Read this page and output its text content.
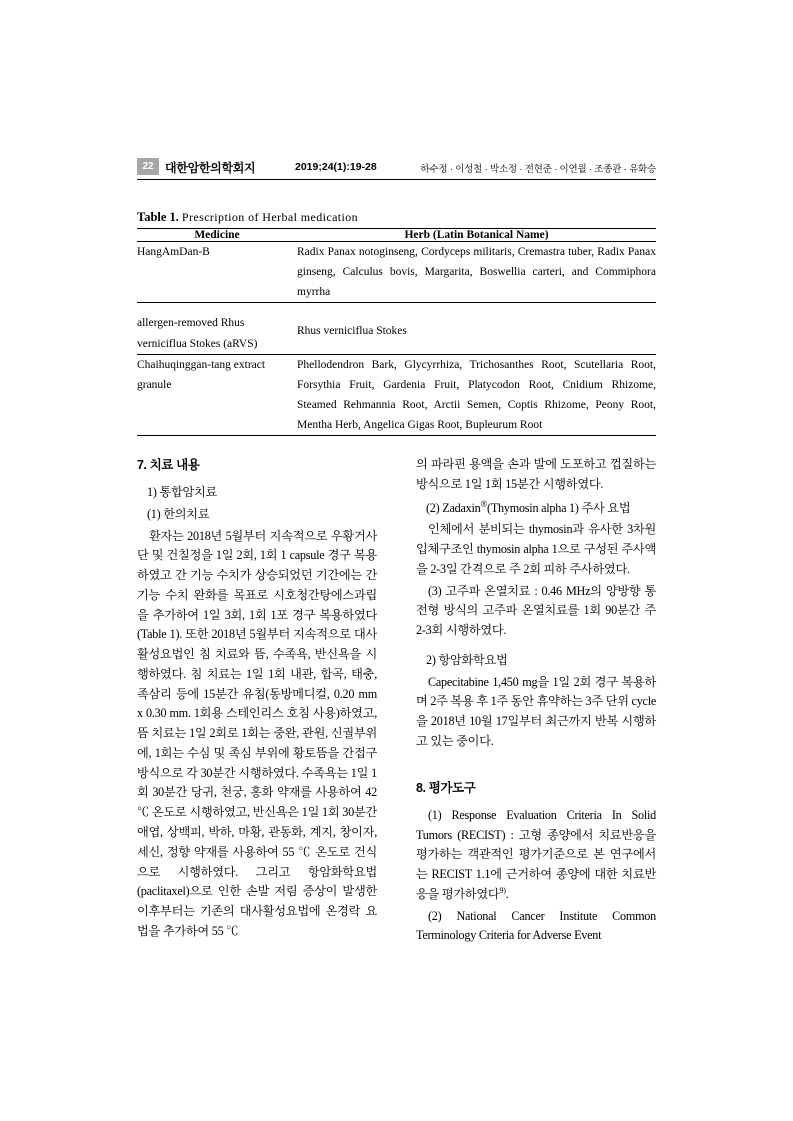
22 대한암한의학회지	2019;24(1):19-28	하수정 · 이성철 · 박소정 · 전현준 · 이연월 · 조종관 · 유화승
Table 1. Prescription of Herbal medication
Medicine	Herb (Latin Botanical Name)
HangAmDan-B	Radix Panax notoginseng, Cordyceps militaris, Cremastra tuber, Radix Panax ginseng, Calculus bovis, Margarita, Boswellia carteri, and Commiphora myrrha
allergen-removed Rhus verniciflua Stokes (aRVS)	Rhus verniciflua Stokes
Chaihuqinggan-tang extract granule	Phellodendron Bark, Glycyrrhiza, Trichosanthes Root, Scutellaria Root, Forsythia Fruit, Gardenia Fruit, Platycodon Root, Cnidium Rhizome, Steamed Rehmannia Root, Arctii Semen, Coptis Rhizome, Peony Root, Mentha Herb, Angelica Gigas Root, Bupleurum Root
7. 치료 내용

1) 통합암치료

(1) 한의치료

환자는 2018년 5월부터 지속적으로 우황거사단 및 건칠정을 1일 2회, 1회 1 capsule 경구 복용하였고 간 기능 수치가 상승되었던 기간에는 간 기능 수치 완화를 목표로 시호청간탕에스과립을 추가하여 1일 3회, 1회 1포 경구 복용하였다(Table 1). 또한 2018년 5월부터 지속적으로 대사활성요법인 침 치료와 뜸, 수족욕, 반신욕을 시행하였다. 침 치료는 1일 1회 내관, 합곡, 태충, 족삼리 등에 15분간 유침(동방메디컬, 0.20 mm x 0.30 mm. 1회용 스테인리스 호침 사용)하였고, 뜸 치료는 1일 2회로 1회는 중완, 관원, 신궐부위에, 1회는 수심 및 족심 부위에 황토뜸을 간접구 방식으로 각 30분간 시행하였다. 수족욕는 1일 1회 30분간 당귀, 천궁, 홍화 약재를 사용하여 42 ℃ 온도로 시행하였고, 반신욕은 1일 1회 30분간 애엽, 상백피, 박하, 마황, 관동화, 계지, 창이자, 세신, 정향 약재를 사용하여 55 ℃ 온도로 건식으로 시행하였다. 그리고 항암화학요법(paclitaxel)으로 인한 손발 저림 증상이 발생한 이후부터는 기존의 대사활성요법에 온경락 요법을 추가하여 55 ℃

의 파라핀 용액을 손과 발에 도포하고 껍질하는 방식으로 1일 1회 15분간 시행하였다.

(2) Zadaxin®(Thymosin alpha 1) 주사 요법

인체에서 분비되는 thymosin과 유사한 3차원 입체구조인 thymosin alpha 1으로 구성된 주사액을 2-3일 간격으로 주 2회 피하 주사하였다.

(3) 고주파 온열치료 : 0.46 MHz의 양방향 통전형 방식의 고주파 온열치료를 1회 90분간 주 2-3회 시행하였다.

2) 항암화학요법

Capecitabine 1,450 mg을 1일 2회 경구 복용하며 2주 복용 후 1주 동안 휴약하는 3주 단위 cycle을 2018년 10월 17일부터 최근까지 반복 시행하고 있는 중이다.

8. 평가도구

(1) Response Evaluation Criteria In Solid Tumors (RECIST) : 고형 종양에서 치료반응을 평가하는 객관적인 평가기준으로 본 연구에서는 RECIST 1.1에 근거하여 종양에 대한 치료반응을 평가하였다$^{9)}$.

(2) National Cancer Institute Common Terminology Criteria for Adverse Event
